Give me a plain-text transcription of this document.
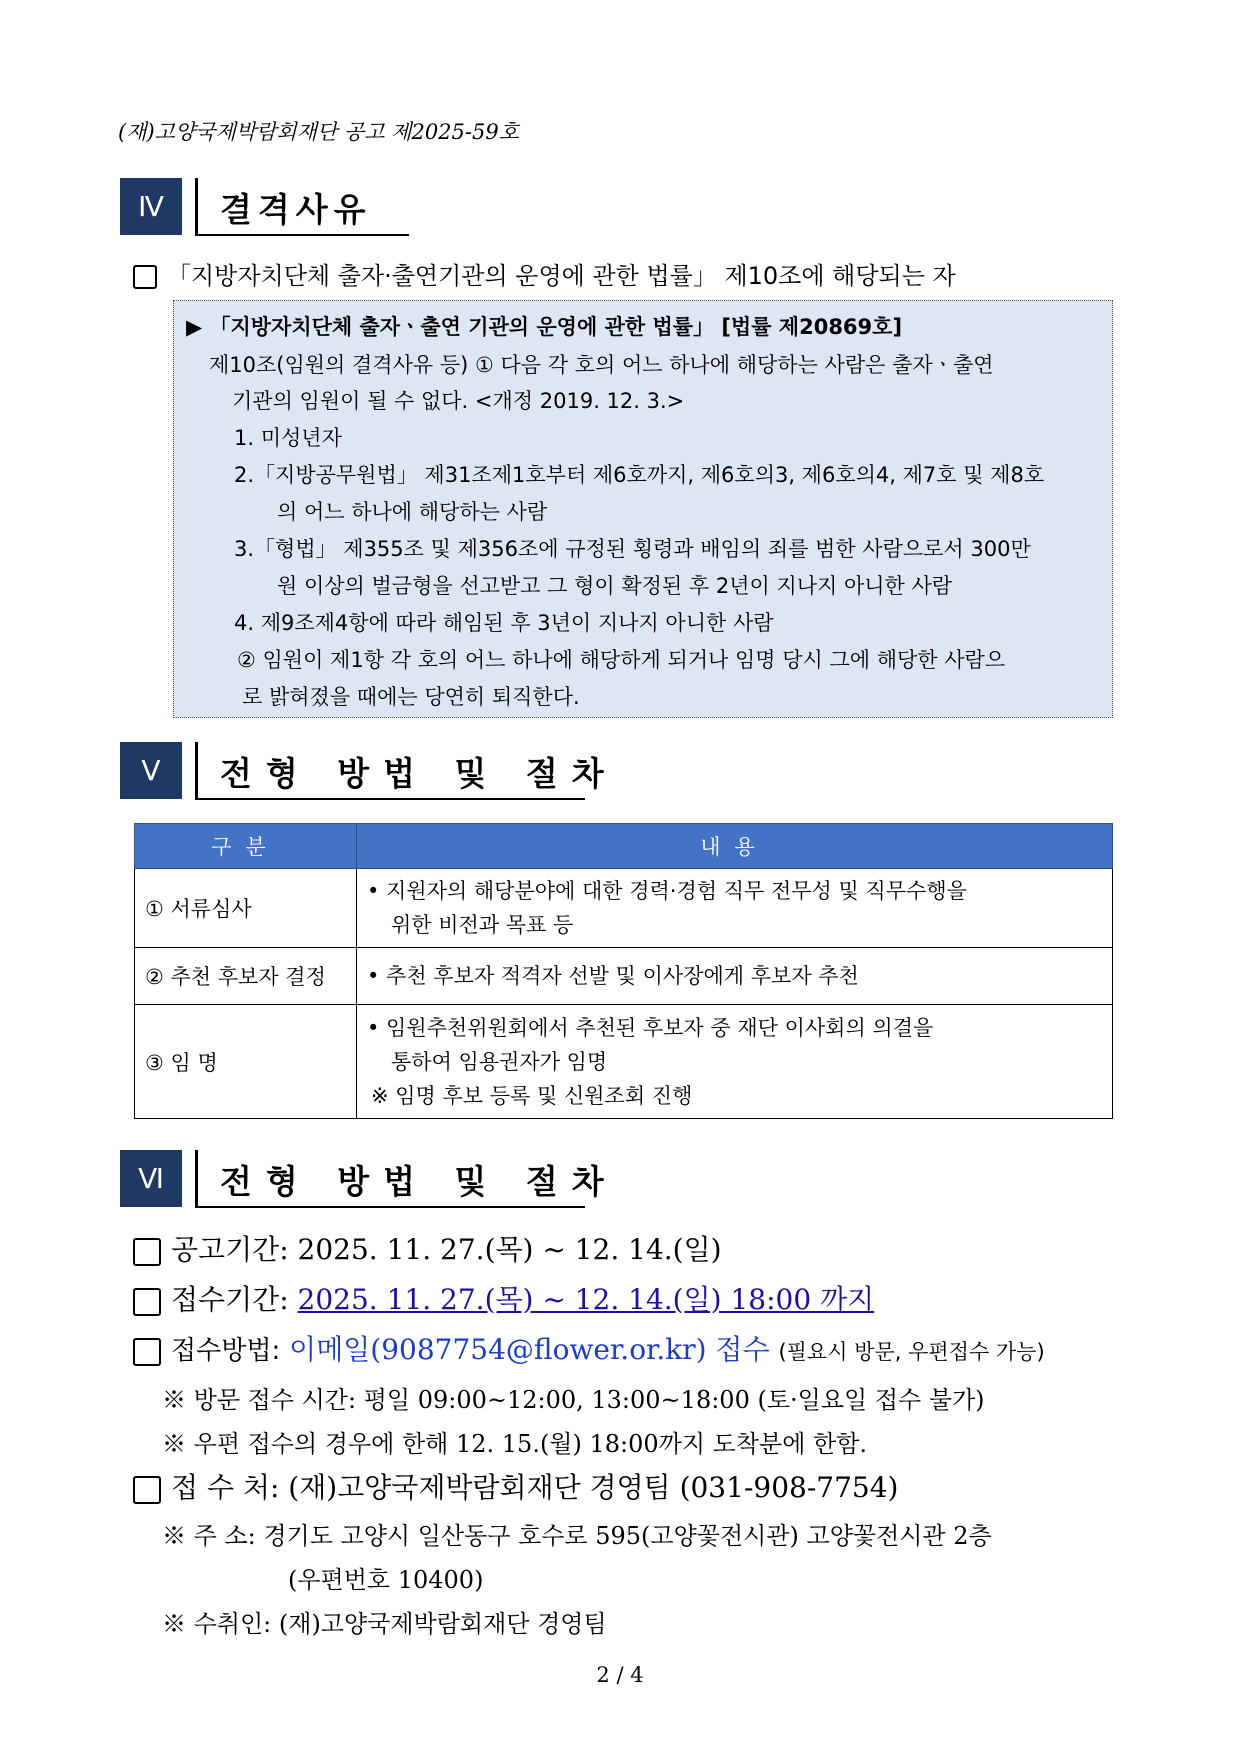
(재)고양국제박람회재단 공고 제2025-59호
Ⅳ	결격사유
「지방자치단체 출자·출연기관의 운영에 관한 법률」 제10조에 해당되는 자
▶ 「지방자치단체 출자ㆍ출연 기관의 운영에 관한 법률」 [법률 제20869호]
제10조(임원의 결격사유 등) ① 다음 각 호의 어느 하나에 해당하는 사람은 출자ㆍ출연
기관의 임원이 될 수 없다. <개정 2019. 12. 3.>
1. 미성년자
2.「지방공무원법」 제31조제1호부터 제6호까지, 제6호의3, 제6호의4, 제7호 및 제8호
의 어느 하나에 해당하는 사람
3.「형법」 제355조 및 제356조에 규정된 횡령과 배임의 죄를 범한 사람으로서 300만
원 이상의 벌금형을 선고받고 그 형이 확정된 후 2년이 지나지 아니한 사람
4. 제9조제4항에 따라 해임된 후 3년이 지나지 아니한 사람
② 임원이 제1항 각 호의 어느 하나에 해당하게 되거나 임명 당시 그에 해당한 사람으
로 밝혀졌을 때에는 당연히 퇴직한다.
Ⅴ	전형 방법 및 절차
구분	내용
① 서류심사	• 지원자의 해당분야에 대한 경력·경험 직무 전무성 및 직무수행을
위한 비전과 목표 등

② 추천 후보자 결정	• 추천 후보자 적격자 선발 및 이사장에게 후보자 추천

③ 임 명	• 임원추천위원회에서 추천된 후보자 중 재단 이사회의 의결을
통하여 임용권자가 임명
※ 임명 후보 등록 및 신원조회 진행
Ⅵ	전형 방법 및 절차
공고기간: 2025. 11. 27.(목) ~ 12. 14.(일)
접수기간: 2025. 11. 27.(목) ~ 12. 14.(일) 18:00 까지
접수방법: 이메일(9087754@flower.or.kr) 접수 (필요시 방문, 우편접수 가능)
※ 방문 접수 시간: 평일 09:00~12:00, 13:00~18:00 (토·일요일 접수 불가)
※ 우편 접수의 경우에 한해 12. 15.(월) 18:00까지 도착분에 한함.
접 수 처: (재)고양국제박람회재단 경영팀 (031-908-7754)
※ 주 소: 경기도 고양시 일산동구 호수로 595(고양꽃전시관) 고양꽃전시관 2층
(우편번호 10400)
※ 수취인: (재)고양국제박람회재단 경영팀
2 / 4
